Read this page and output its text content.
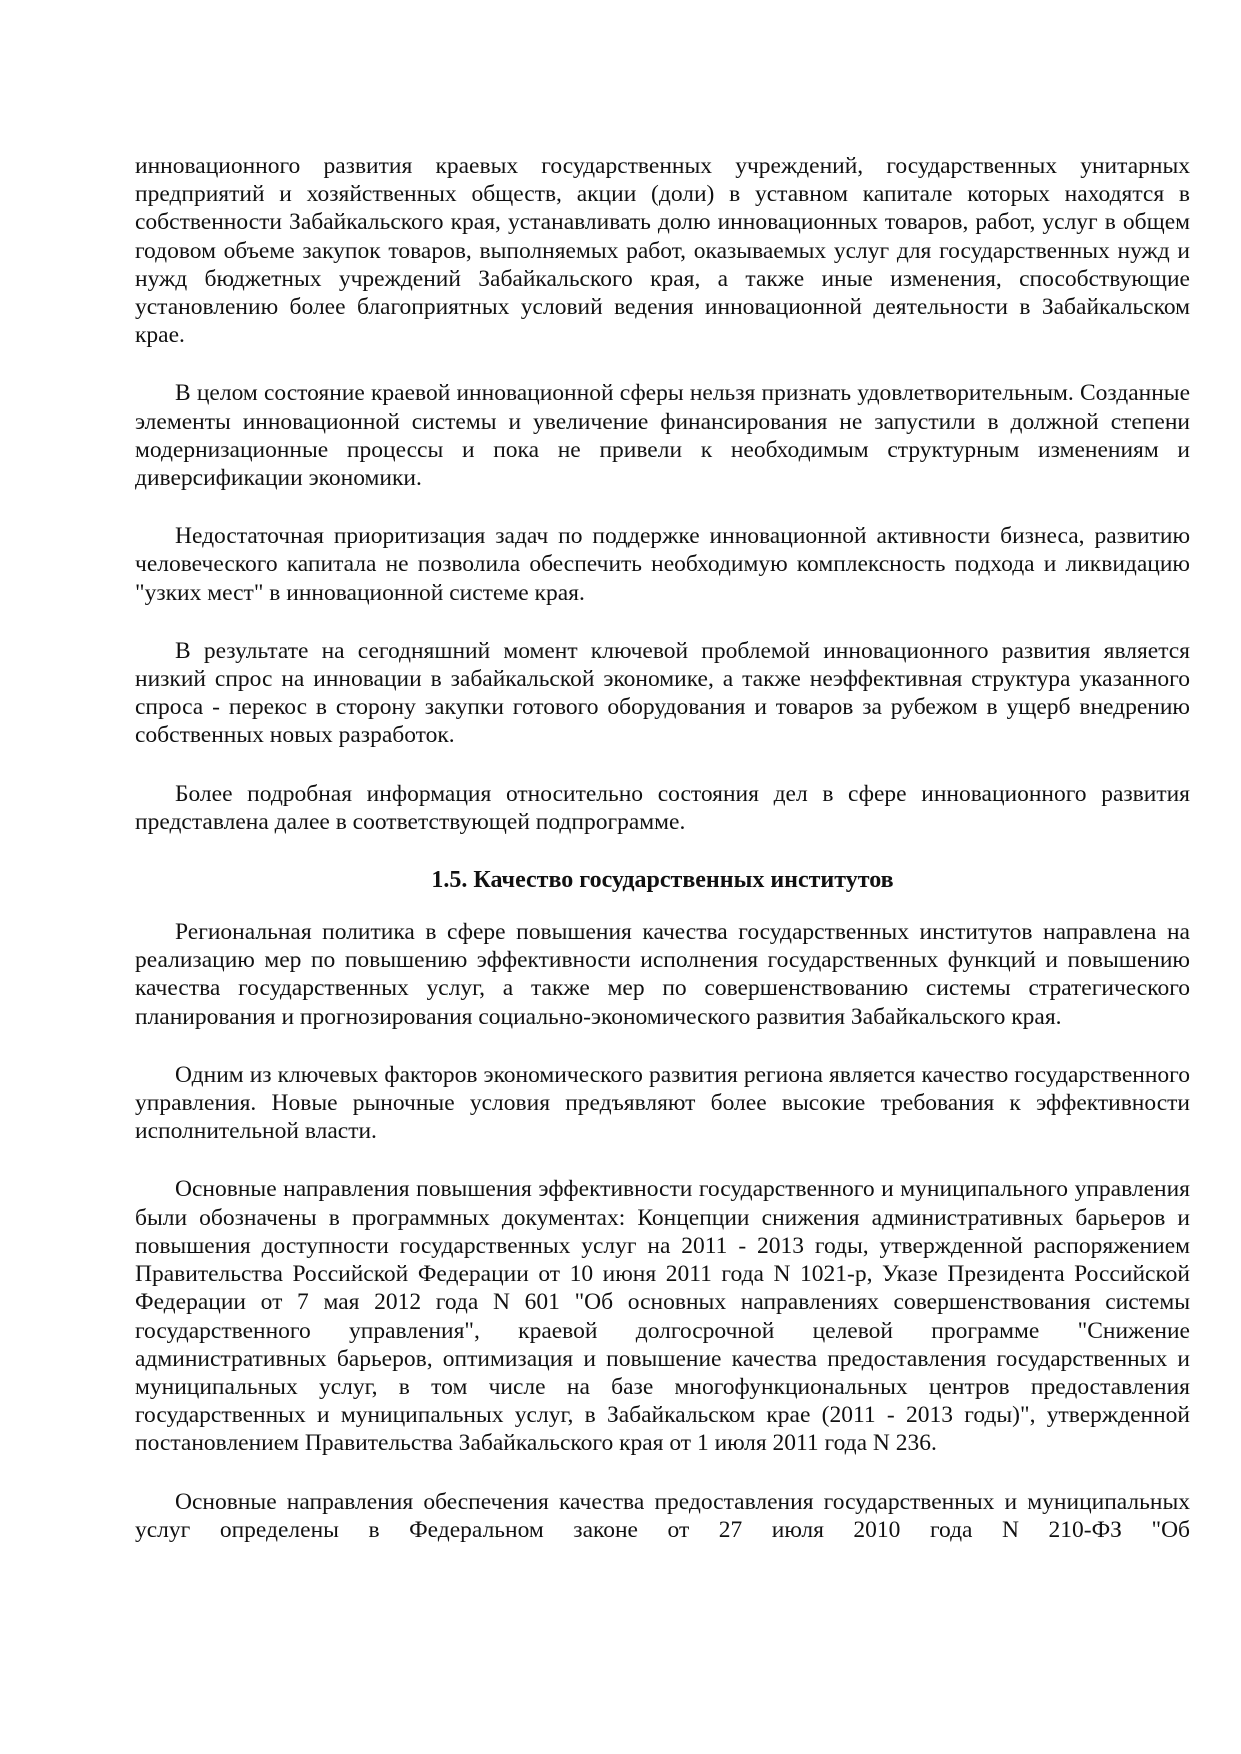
инновационного развития краевых государственных учреждений, государственных унитарных предприятий и хозяйственных обществ, акции (доли) в уставном капитале которых находятся в собственности Забайкальского края, устанавливать долю инновационных товаров, работ, услуг в общем годовом объеме закупок товаров, выполняемых работ, оказываемых услуг для государственных нужд и нужд бюджетных учреждений Забайкальского края, а также иные изменения, способствующие установлению более благоприятных условий ведения инновационной деятельности в Забайкальском крае.

В целом состояние краевой инновационной сферы нельзя признать удовлетворительным. Созданные элементы инновационной системы и увеличение финансирования не запустили в должной степени модернизационные процессы и пока не привели к необходимым структурным изменениям и диверсификации экономики.

Недостаточная приоритизация задач по поддержке инновационной активности бизнеса, развитию человеческого капитала не позволила обеспечить необходимую комплексность подхода и ликвидацию "узких мест" в инновационной системе края.

В результате на сегодняшний момент ключевой проблемой инновационного развития является низкий спрос на инновации в забайкальской экономике, а также неэффективная структура указанного спроса - перекос в сторону закупки готового оборудования и товаров за рубежом в ущерб внедрению собственных новых разработок.

Более подробная информация относительно состояния дел в сфере инновационного развития представлена далее в соответствующей подпрограмме.

1.5. Качество государственных институтов

Региональная политика в сфере повышения качества государственных институтов направлена на реализацию мер по повышению эффективности исполнения государственных функций и повышению качества государственных услуг, а также мер по совершенствованию системы стратегического планирования и прогнозирования социально-экономического развития Забайкальского края.

Одним из ключевых факторов экономического развития региона является качество государственного управления. Новые рыночные условия предъявляют более высокие требования к эффективности исполнительной власти.

Основные направления повышения эффективности государственного и муниципального управления были обозначены в программных документах: Концепции снижения административных барьеров и повышения доступности государственных услуг на 2011 - 2013 годы, утвержденной распоряжением Правительства Российской Федерации от 10 июня 2011 года N 1021-р, Указе Президента Российской Федерации от 7 мая 2012 года N 601 "Об основных направлениях совершенствования системы государственного управления", краевой долгосрочной целевой программе "Снижение административных барьеров, оптимизация и повышение качества предоставления государственных и муниципальных услуг, в том числе на базе многофункциональных центров предоставления государственных и муниципальных услуг, в Забайкальском крае (2011 - 2013 годы)", утвержденной постановлением Правительства Забайкальского края от 1 июля 2011 года N 236.

Основные направления обеспечения качества предоставления государственных и муниципальных услуг определены в Федеральном законе от 27 июля 2010 года N 210-ФЗ "Об
